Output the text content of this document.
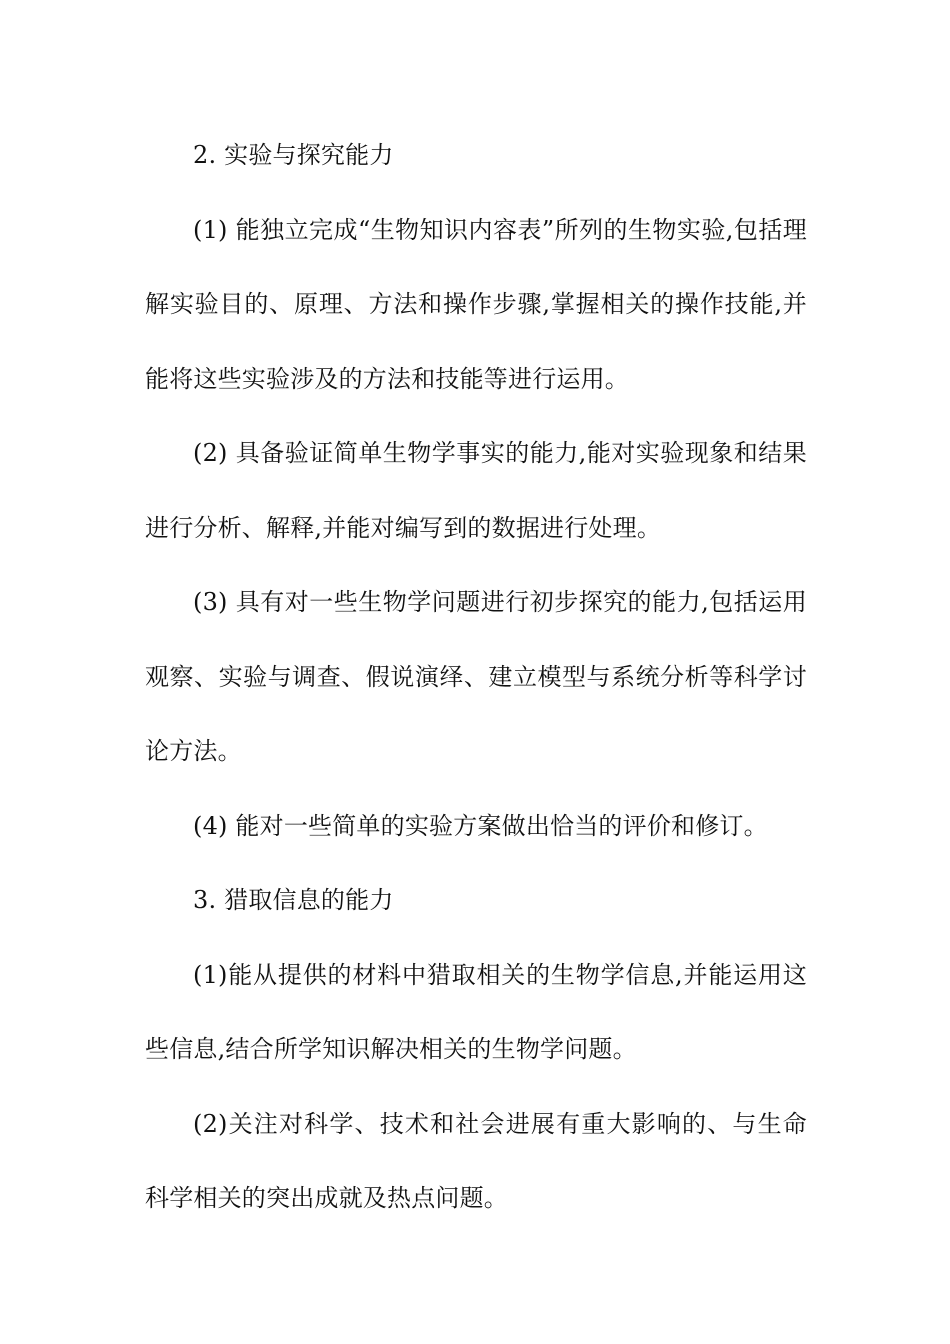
2. 实验与探究能力

(1) 能独立完成“生物知识内容表”所列的生物实验,包括理解实验目的、原理、方法和操作步骤,掌握相关的操作技能,并能将这些实验涉及的方法和技能等进行运用。

(2) 具备验证简单生物学事实的能力,能对实验现象和结果进行分析、解释,并能对编写到的数据进行处理。

(3) 具有对一些生物学问题进行初步探究的能力,包括运用观察、实验与调查、假说演绎、建立模型与系统分析等科学讨论方法。

(4) 能对一些简单的实验方案做出恰当的评价和修订。

3. 猎取信息的能力

(1)能从提供的材料中猎取相关的生物学信息,并能运用这些信息,结合所学知识解决相关的生物学问题。

(2)关注对科学、技术和社会进展有重大影响的、与生命科学相关的突出成就及热点问题。
